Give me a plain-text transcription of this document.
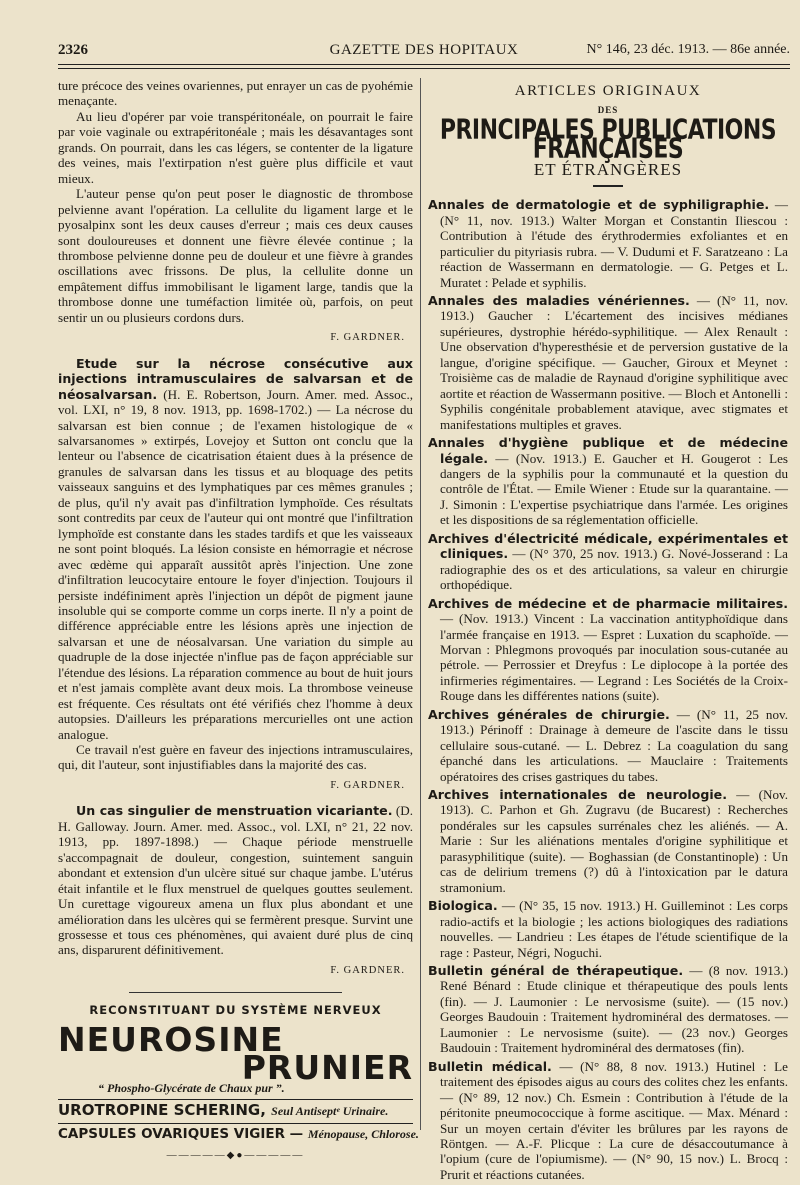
2326	GAZETTE DES HOPITAUX	N° 146, 23 déc. 1913. — 86e année.

ture précoce des veines ovariennes, put enrayer un cas de pyohémie menaçante.

Au lieu d'opérer par voie transpéritonéale, on pourrait le faire par voie vaginale ou extrapéritonéale ; mais les désavantages sont grands. On pourrait, dans les cas légers, se contenter de la ligature des veines, mais l'extirpation n'est guère plus difficile et vaut mieux.

L'auteur pense qu'on peut poser le diagnostic de thrombose pelvienne avant l'opération. La cellulite du ligament large et le pyosalpinx sont les deux causes d'erreur ; mais ces deux causes sont douloureuses et donnent une fièvre élevée continue ; la thrombose pelvienne donne peu de douleur et une fièvre à grandes oscillations avec frissons. De plus, la cellulite donne un empâtement diffus immobilisant le ligament large, tandis que la thrombose donne une tuméfaction limitée où, parfois, on peut sentir un ou plusieurs cordons durs.

F. GARDNER.

Etude sur la nécrose consécutive aux injections intramusculaires de salvarsan et de néosalvarsan. (H. E. Robertson, Journ. Amer. med. Assoc., vol. LXI, n° 19, 8 nov. 1913, pp. 1698-1702.) — La nécrose du salvarsan est bien connue ; de l'examen histologique de « salvarsanomes » extirpés, Lovejoy et Sutton ont conclu que la lenteur ou l'absence de cicatrisation étaient dues à la présence de granules de salvarsan dans les tissus et au bloquage des petits vaisseaux sanguins et des lymphatiques par ces mêmes granules ; de plus, qu'il n'y avait pas d'infiltration lymphoïde. Ces résultats sont contredits par ceux de l'auteur qui ont montré que l'infiltration lymphoïde est constante dans les stades tardifs et que les vaisseaux ne sont point bloqués. La lésion consiste en hémorragie et nécrose avec œdème qui apparaît aussitôt après l'injection. Une zone d'infiltration leucocytaire entoure le foyer d'injection. Toujours il persiste indéfiniment après l'injection un dépôt de pigment jaune insoluble qui se comporte comme un corps inerte. Il n'y a point de différence appréciable entre les lésions après une injection de salvarsan et une de néosalvarsan. Une variation du simple au quadruple de la dose injectée n'influe pas de façon appréciable sur l'étendue des lésions. La réparation commence au bout de huit jours et n'est jamais complète avant deux mois. La thrombose veineuse est fréquente. Ces résultats ont été vérifiés chez l'homme à deux autopsies. D'ailleurs les préparations mercurielles ont une action analogue.

Ce travail n'est guère en faveur des injections intramusculaires, qui, dit l'auteur, sont injustifiables dans la majorité des cas.

F. GARDNER.

Un cas singulier de menstruation vicariante. (D. H. Galloway. Journ. Amer. med. Assoc., vol. LXI, n° 21, 22 nov. 1913, pp. 1897-1898.) — Chaque période menstruelle s'accompagnait de douleur, congestion, suintement sanguin abondant et extension d'un ulcère situé sur chaque jambe. L'utérus était infantile et le flux menstruel de quelques gouttes seulement. Un curettage vigoureux amena un flux plus abondant et une amélioration dans les ulcères qui se fermèrent presque. Survint une grossesse et tous ces phénomènes, qui avaient duré plus de cinq ans, disparurent définitivement.

F. GARDNER.

RECONSTITUANT DU SYSTÈME NERVEUX
NEUROSINE
PRUNIER
“ Phospho-Glycérate de Chaux pur ”.
UROTROPINE SCHERING, Seul Antiseptᵉ Urinaire.
CAPSULES OVARIQUES VIGIER — Ménopause, Chlorose.
—————◆●—————
ARTICLES ORIGINAUX
DES
PRINCIPALES PUBLICATIONS FRANÇAISES
ET ÉTRANGÈRES

Annales de dermatologie et de syphiligraphie. — (N° 11, nov. 1913.) Walter Morgan et Constantin Iliescou : Contribution à l'étude des érythrodermies exfoliantes et en particulier du pityriasis rubra. — V. Dudumi et F. Saratzeano : La réaction de Wassermann en dermatologie. — G. Petges et L. Muratet : Pelade et syphilis.

Annales des maladies vénériennes. — (N° 11, nov. 1913.) Gaucher : L'écartement des incisives médianes supérieures, dystrophie hérédo-syphilitique. — Alex Renault : Une observation d'hyperesthésie et de perversion gustative de la langue, d'origine spécifique. — Gaucher, Giroux et Meynet : Troisième cas de maladie de Raynaud d'origine syphilitique avec aortite et réaction de Wassermann positive. — Bloch et Antonelli : Syphilis congénitale probablement atavique, avec stigmates et manifestations multiples et graves.

Annales d'hygiène publique et de médecine légale. — (Nov. 1913.) E. Gaucher et H. Gougerot : Les dangers de la syphilis pour la communauté et la question du contrôle de l'État. — Emile Wiener : Etude sur la quarantaine. — J. Simonin : L'expertise psychiatrique dans l'armée. Les origines et les dispositions de sa réglementation officielle.

Archives d'électricité médicale, expérimentales et cliniques. — (N° 370, 25 nov. 1913.) G. Nové-Josserand : La radiographie des os et des articulations, sa valeur en chirurgie orthopédique.

Archives de médecine et de pharmacie militaires. — (Nov. 1913.) Vincent : La vaccination antityphoïdique dans l'armée française en 1913. — Espret : Luxation du scaphoïde. — Morvan : Phlegmons provoqués par inoculation sous-cutanée au pétrole. — Perrossier et Dreyfus : Le diplocope à la portée des infirmeries régimentaires. — Legrand : Les Sociétés de la Croix-Rouge dans les différentes nations (suite).

Archives générales de chirurgie. — (N° 11, 25 nov. 1913.) Périnoff : Drainage à demeure de l'ascite dans le tissu cellulaire sous-cutané. — L. Debrez : La coagulation du sang épanché dans les articulations. — Mauclaire : Traitements opératoires des crises gastriques du tabes.

Archives internationales de neurologie. — (Nov. 1913). C. Parhon et Gh. Zugravu (de Bucarest) : Recherches pondérales sur les capsules surrénales chez les aliénés. — A. Marie : Sur les aliénations mentales d'origine syphilitique et parasyphilitique (suite). — Boghassian (de Constantinople) : Un cas de delirium tremens (?) dû à l'intoxication par le datura stramonium.

Biologica. — (N° 35, 15 nov. 1913.) H. Guilleminot : Les corps radio-actifs et la biologie ; les actions biologiques des radiations nouvelles. — Landrieu : Les étapes de l'étude scientifique de la rage : Pasteur, Négri, Noguchi.

Bulletin général de thérapeutique. — (8 nov. 1913.) René Bénard : Etude clinique et thérapeutique des pouls lents (fin). — J. Laumonier : Le nervosisme (suite). — (15 nov.) Georges Baudouin : Traitement hydrominéral des dermatoses. — Laumonier : Le nervosisme (suite). — (23 nov.) Georges Baudouin : Traitement hydrominéral des dermatoses (fin).

Bulletin médical. — (N° 88, 8 nov. 1913.) Hutinel : Le traitement des épisodes aigus au cours des colites chez les enfants. — (N° 89, 12 nov.) Ch. Esmein : Contribution à l'étude de la péritonite pneumococcique à forme ascitique. — Max. Ménard : Sur un moyen certain d'éviter les brûlures par les rayons de Röntgen. — A.-F. Plicque : La cure de désaccoutumance à l'opium (cure de l'opiumisme). — (N° 90, 15 nov.) L. Brocq : Prurit et réactions cutanées.
